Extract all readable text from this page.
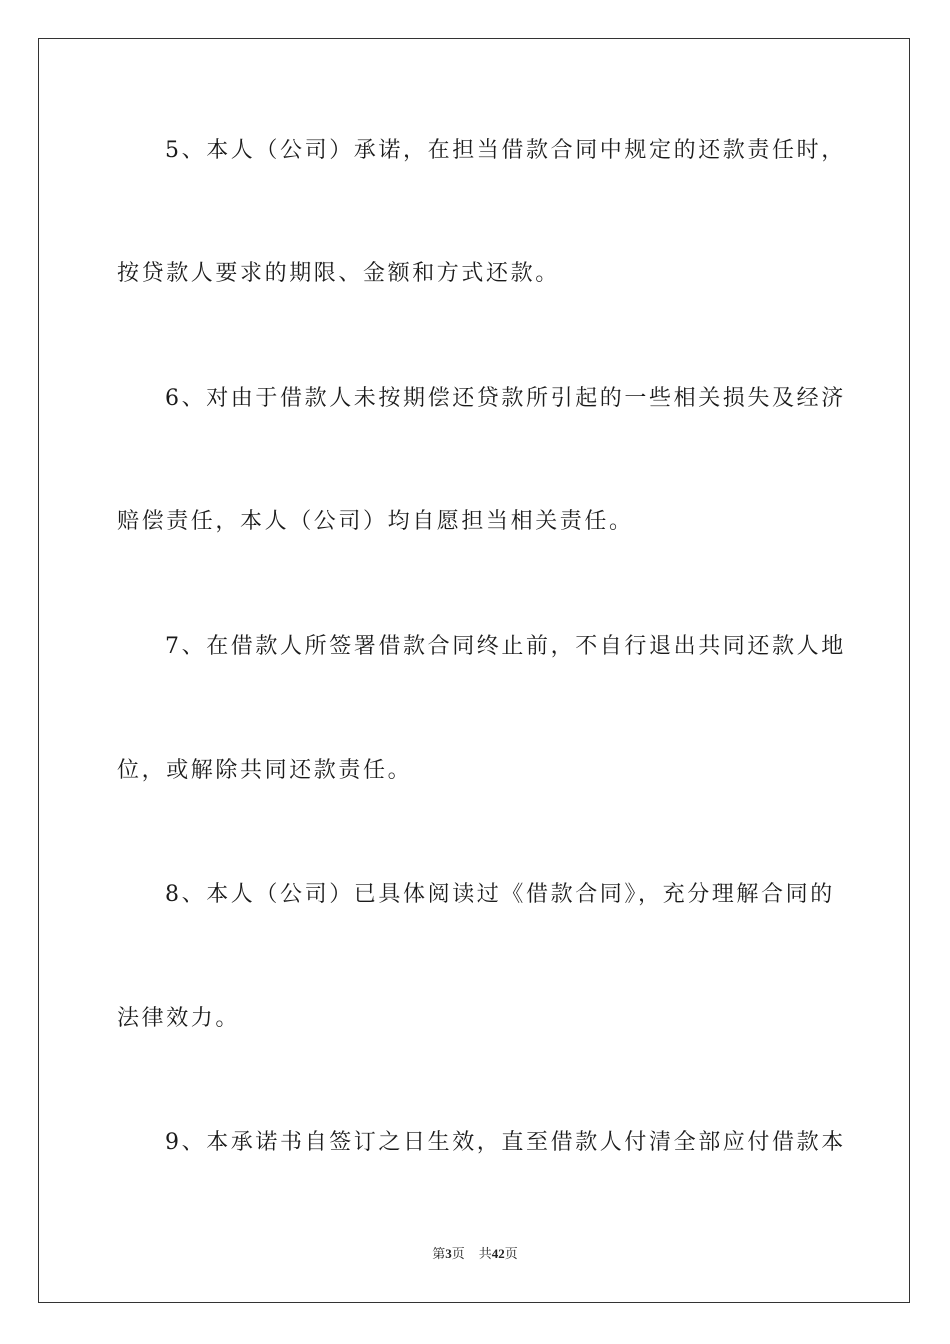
5、本人（公司）承诺，在担当借款合同中规定的还款责任时，
按贷款人要求的期限、金额和方式还款。
6、对由于借款人未按期偿还贷款所引起的一些相关损失及经济
赔偿责任，本人（公司）均自愿担当相关责任。
7、在借款人所签署借款合同终止前，不自行退出共同还款人地
位，或解除共同还款责任。
8、本人（公司）已具体阅读过《借款合同》，充分理解合同的
法律效力。
9、本承诺书自签订之日生效，直至借款人付清全部应付借款本
第3页 共42页
